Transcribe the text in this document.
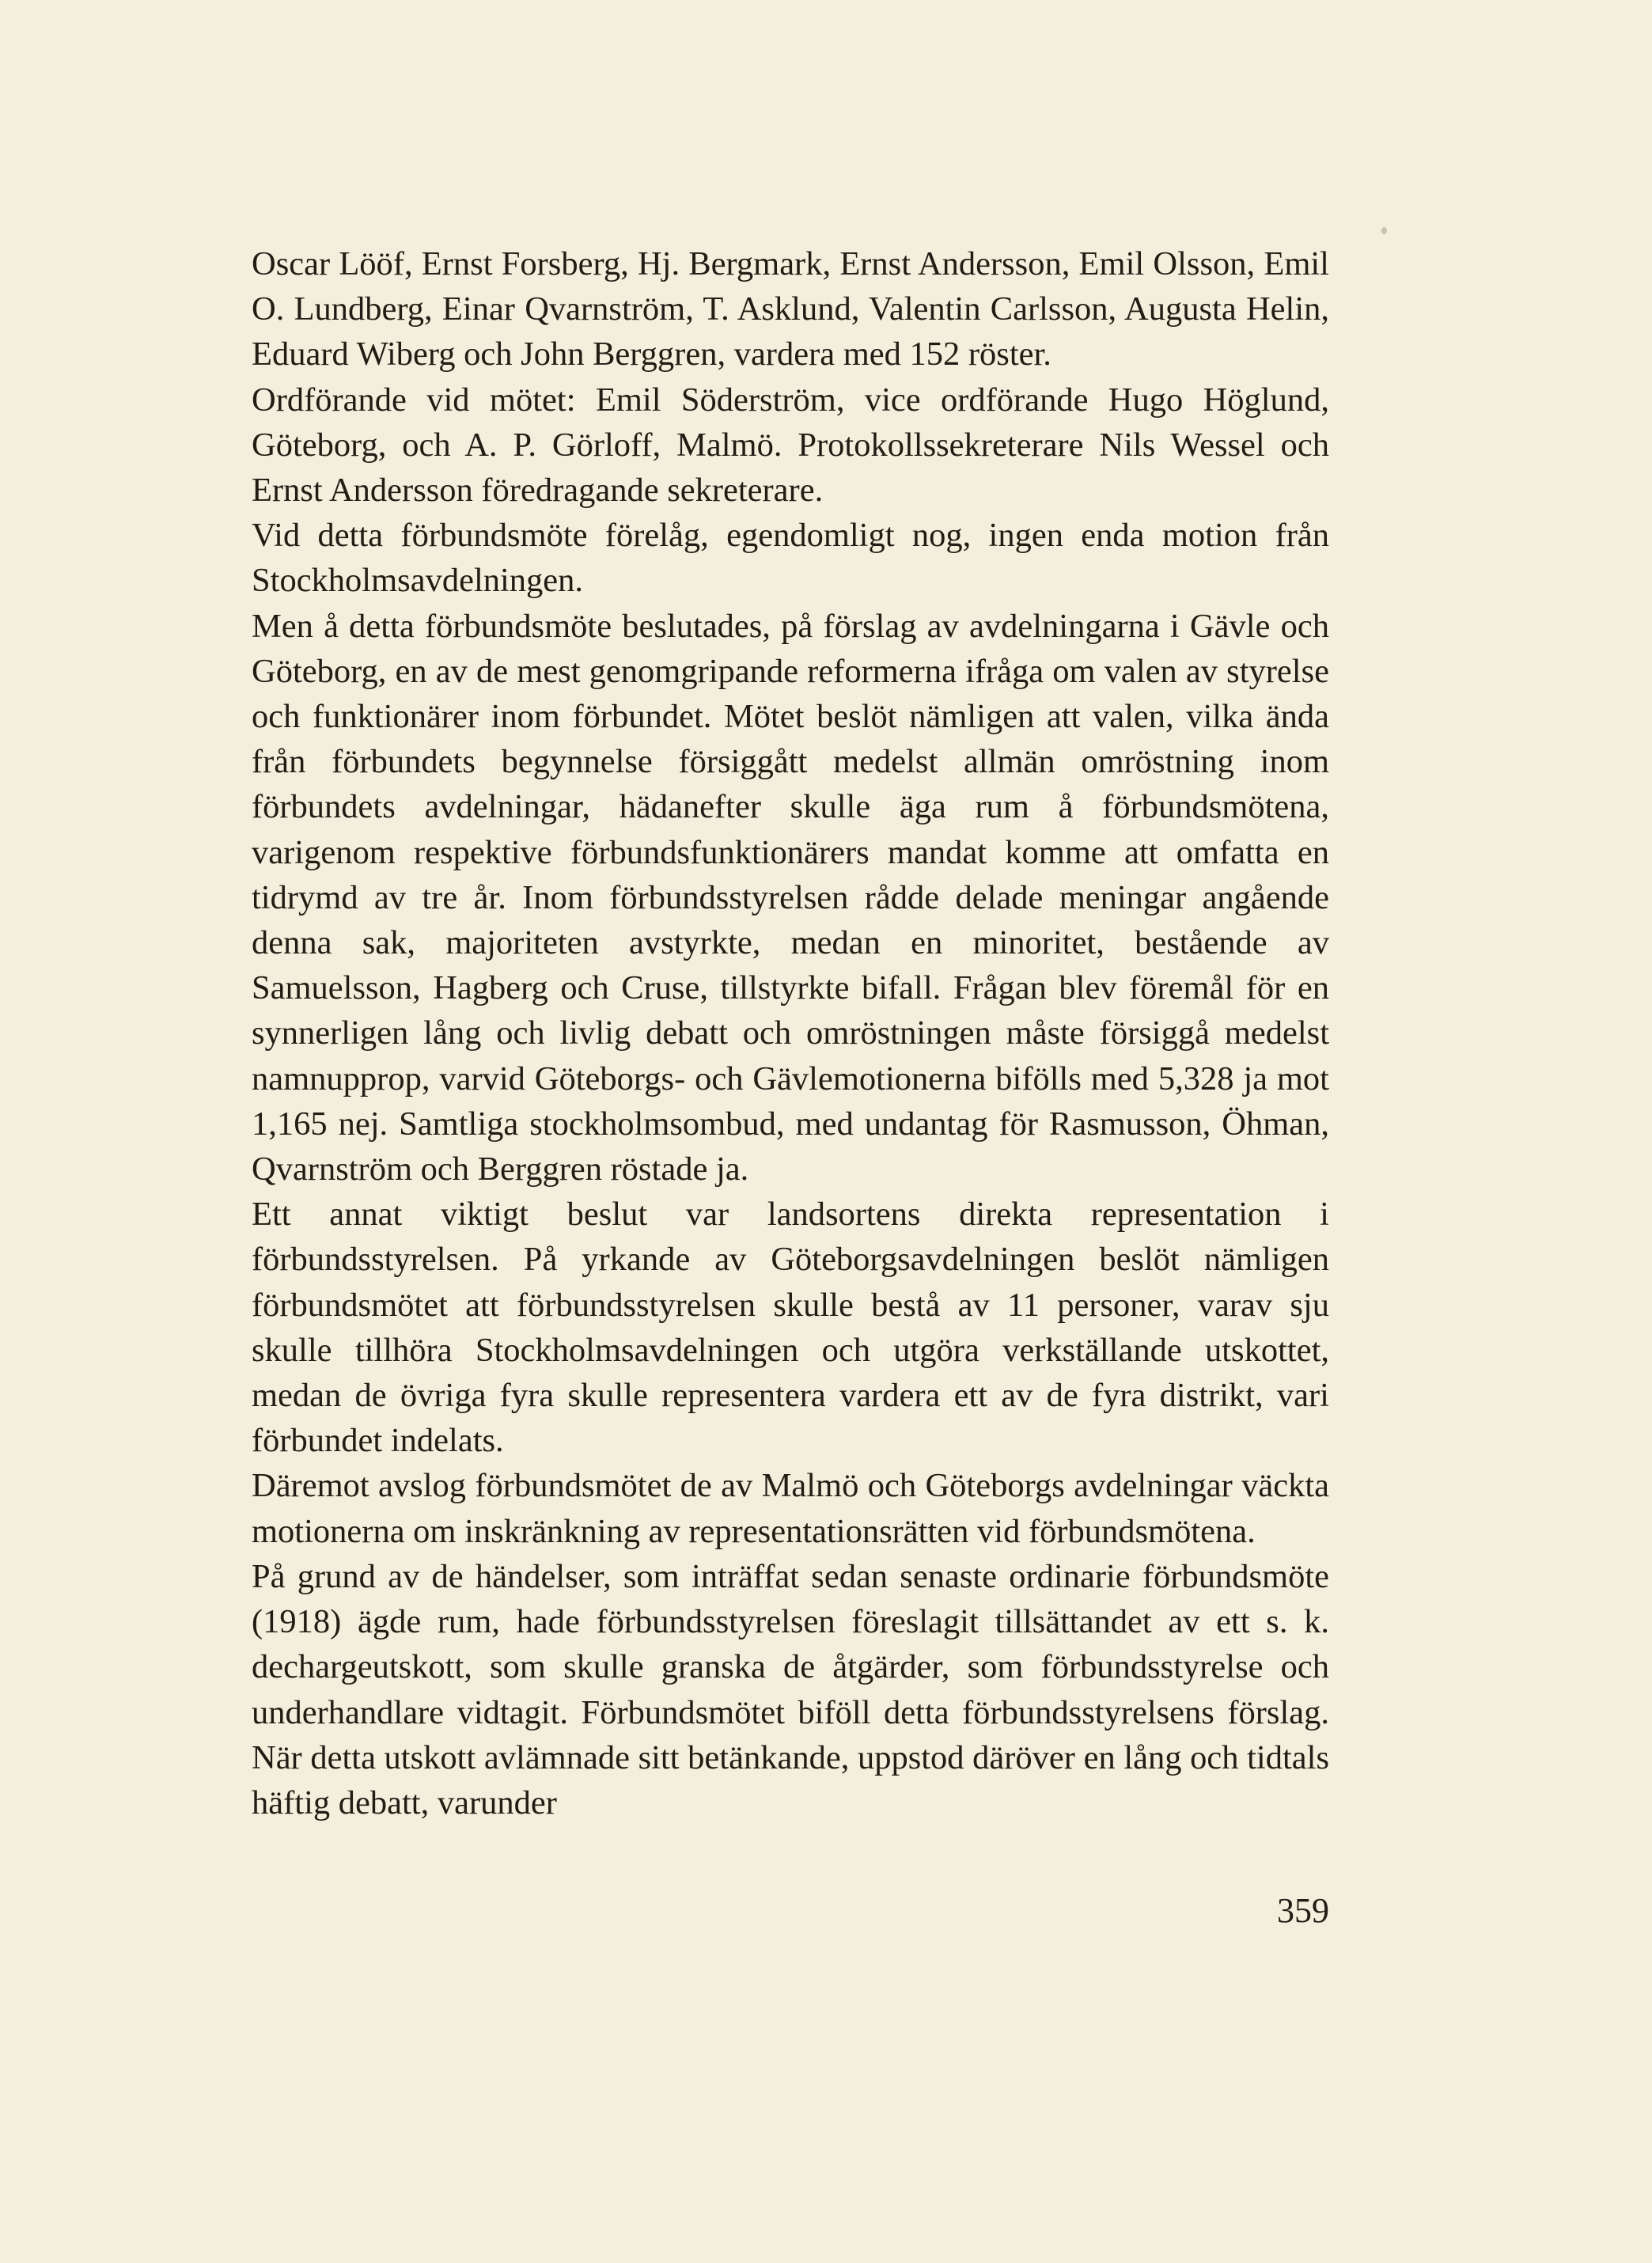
Oscar Lööf, Ernst Forsberg, Hj. Bergmark, Ernst Andersson, Emil Olsson, Emil O. Lundberg, Einar Qvarnström, T. Asklund, Valentin Carlsson, Augusta Helin, Eduard Wiberg och John Berggren, vardera med 152 röster.

Ordförande vid mötet: Emil Söderström, vice ordförande Hugo Höglund, Göteborg, och A. P. Görloff, Malmö. Protokollssekreterare Nils Wessel och Ernst Andersson föredragande sekreterare.

Vid detta förbundsmöte förelåg, egendomligt nog, ingen enda motion från Stockholmsavdelningen.

Men å detta förbundsmöte beslutades, på förslag av avdelningarna i Gävle och Göteborg, en av de mest genomgripande reformerna ifråga om valen av styrelse och funktionärer inom förbundet. Mötet beslöt nämligen att valen, vilka ända från förbundets begynnelse försiggått medelst allmän omröstning inom förbundets avdelningar, hädanefter skulle äga rum å förbundsmötena, varigenom respektive förbundsfunktionärers mandat komme att omfatta en tidrymd av tre år. Inom förbundsstyrelsen rådde delade meningar angående denna sak, majoriteten avstyrkte, medan en minoritet, bestående av Samuelsson, Hagberg och Cruse, tillstyrkte bifall. Frågan blev föremål för en synnerligen lång och livlig debatt och omröstningen måste försiggå medelst namnupprop, varvid Göteborgs- och Gävlemotionerna bifölls med 5,328 ja mot 1,165 nej. Samtliga stockholmsombud, med undantag för Rasmusson, Öhman, Qvarnström och Berggren röstade ja.

Ett annat viktigt beslut var landsortens direkta representation i förbundsstyrelsen. På yrkande av Göteborgsavdelningen beslöt nämligen förbundsmötet att förbundsstyrelsen skulle bestå av 11 personer, varav sju skulle tillhöra Stockholmsavdelningen och utgöra verkställande utskottet, medan de övriga fyra skulle representera vardera ett av de fyra distrikt, vari förbundet indelats.

Däremot avslog förbundsmötet de av Malmö och Göteborgs avdelningar väckta motionerna om inskränkning av representationsrätten vid förbundsmötena.

På grund av de händelser, som inträffat sedan senaste ordinarie förbundsmöte (1918) ägde rum, hade förbundsstyrelsen föreslagit tillsättandet av ett s. k. dechargeutskott, som skulle granska de åtgärder, som förbundsstyrelse och underhandlare vidtagit. Förbundsmötet biföll detta förbundsstyrelsens förslag. När detta utskott avlämnade sitt betänkande, uppstod däröver en lång och tidtals häftig debatt, varunder

359
